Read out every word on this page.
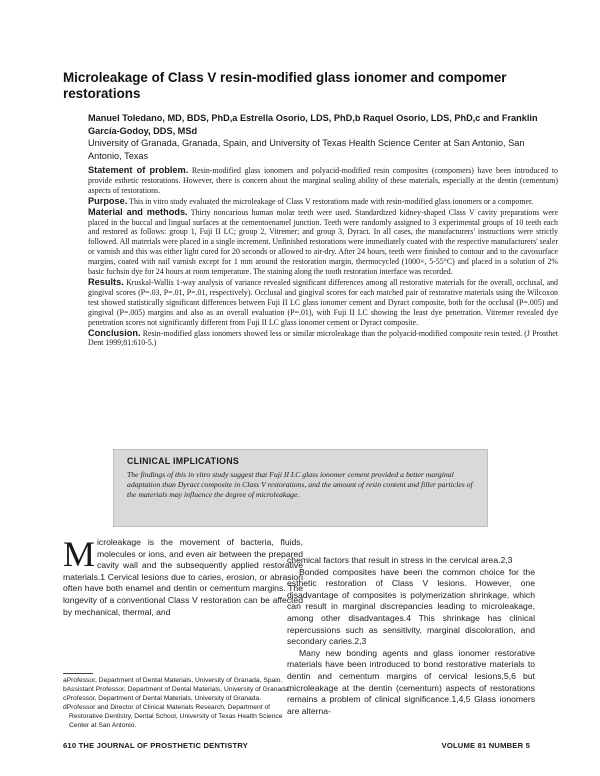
Microleakage of Class V resin-modified glass ionomer and compomer restorations
Manuel Toledano, MD, BDS, PhD,a Estrella Osorio, LDS, PhD,b Raquel Osorio, LDS, PhD,c and Franklin García-Godoy, DDS, MSd
University of Granada, Granada, Spain, and University of Texas Health Science Center at San Antonio, San Antonio, Texas

Statement of problem. Resin-modified glass ionomers and polyacid-modified resin composites (compomers) have been introduced to provide esthetic restorations. However, there is concern about the marginal sealing ability of these materials, especially at the dentin (cementum) aspects of restorations.

Purpose. This in vitro study evaluated the microleakage of Class V restorations made with resin-modified glass ionomers or a compomer.

Material and methods. Thirty noncarious human molar teeth were used. Standardized kidney-shaped Class V cavity preparations were placed in the buccal and lingual surfaces at the cementoenamel junction. Teeth were randomly assigned to 3 experimental groups of 10 teeth each and restored as follows: group 1, Fuji II LC; group 2, Vitremer; and group 3, Dyract. In all cases, the manufacturers' instructions were strictly followed. All materials were placed in a single increment. Unfinished restorations were immediately coated with the respective manufacturers' sealer or varnish and this was either light cured for 20 seconds or allowed to air-dry. After 24 hours, teeth were finished to contour and to the cavosurface margins, coated with nail varnish except for 1 mm around the restoration margin, thermocycled (1000×, 5-55°C) and placed in a solution of 2% basic fuchsin dye for 24 hours at room temperature. The staining along the tooth restoration interface was recorded.

Results. Kruskal-Wallis 1-way analysis of variance revealed significant differences among all restorative materials for the overall, occlusal, and gingival scores (P=.03, P=.01, P=.01, respectively). Occlusal and gingival scores for each matched pair of restorative materials using the Wilcoxon test showed statistically significant differences between Fuji II LC glass ionomer cement and Dyract composite, both for the occlusal (P=.005) and gingival (P=.005) margins and also as an overall evaluation (P=.01), with Fuji II LC showing the least dye penetration. Vitremer revealed dye penetration scores not significantly different from Fuji II LC glass ionomer cement or Dyract composite.

Conclusion. Resin-modified glass ionomers showed less or similar microleakage than the polyacid-modified composite resin tested. (J Prosthet Dent 1999;81:610-5.)

CLINICAL IMPLICATIONS
The findings of this in vitro study suggest that Fuji II LC glass ionomer cement provided a better marginal adaptation than Dyract composite in Class V restorations, and the amount of resin content and filler particles of the materials may influence the degree of microleakage.

Microleakage is the movement of bacteria, fluids, molecules or ions, and even air between the prepared cavity wall and the subsequently applied restorative materials.1 Cervical lesions due to caries, erosion, or abrasion often have both enamel and dentin or cementum margins. The longevity of a conventional Class V restoration can be affected by mechanical, thermal, and

chemical factors that result in stress in the cervical area.2,3

Bonded composites have been the common choice for the esthetic restoration of Class V lesions. However, one disadvantage of composites is polymerization shrinkage, which can result in marginal discrepancies leading to microleakage, among other disadvantages.4 This shrinkage has clinical repercussions such as sensitivity, marginal discoloration, and secondary caries.2,3

Many new bonding agents and glass ionomer restorative materials have been introduced to bond restorative materials to dentin and cementum margins of cervical lesions,5,6 but microleakage at the dentin (cementum) aspects of restorations remains a problem of clinical significance.1,4,5 Glass ionomers are alterna-

aProfessor, Department of Dental Materials, University of Granada, Spain.
bAssistant Professor, Department of Dental Materials, University of Granada.
cProfessor, Department of Dental Materials, University of Granada.
dProfessor and Director of Clinical Materials Research, Department of Restorative Dentistry, Dental School, University of Texas Health Science Center at San Antonio.
610 THE JOURNAL OF PROSTHETIC DENTISTRY	VOLUME 81 NUMBER 5
